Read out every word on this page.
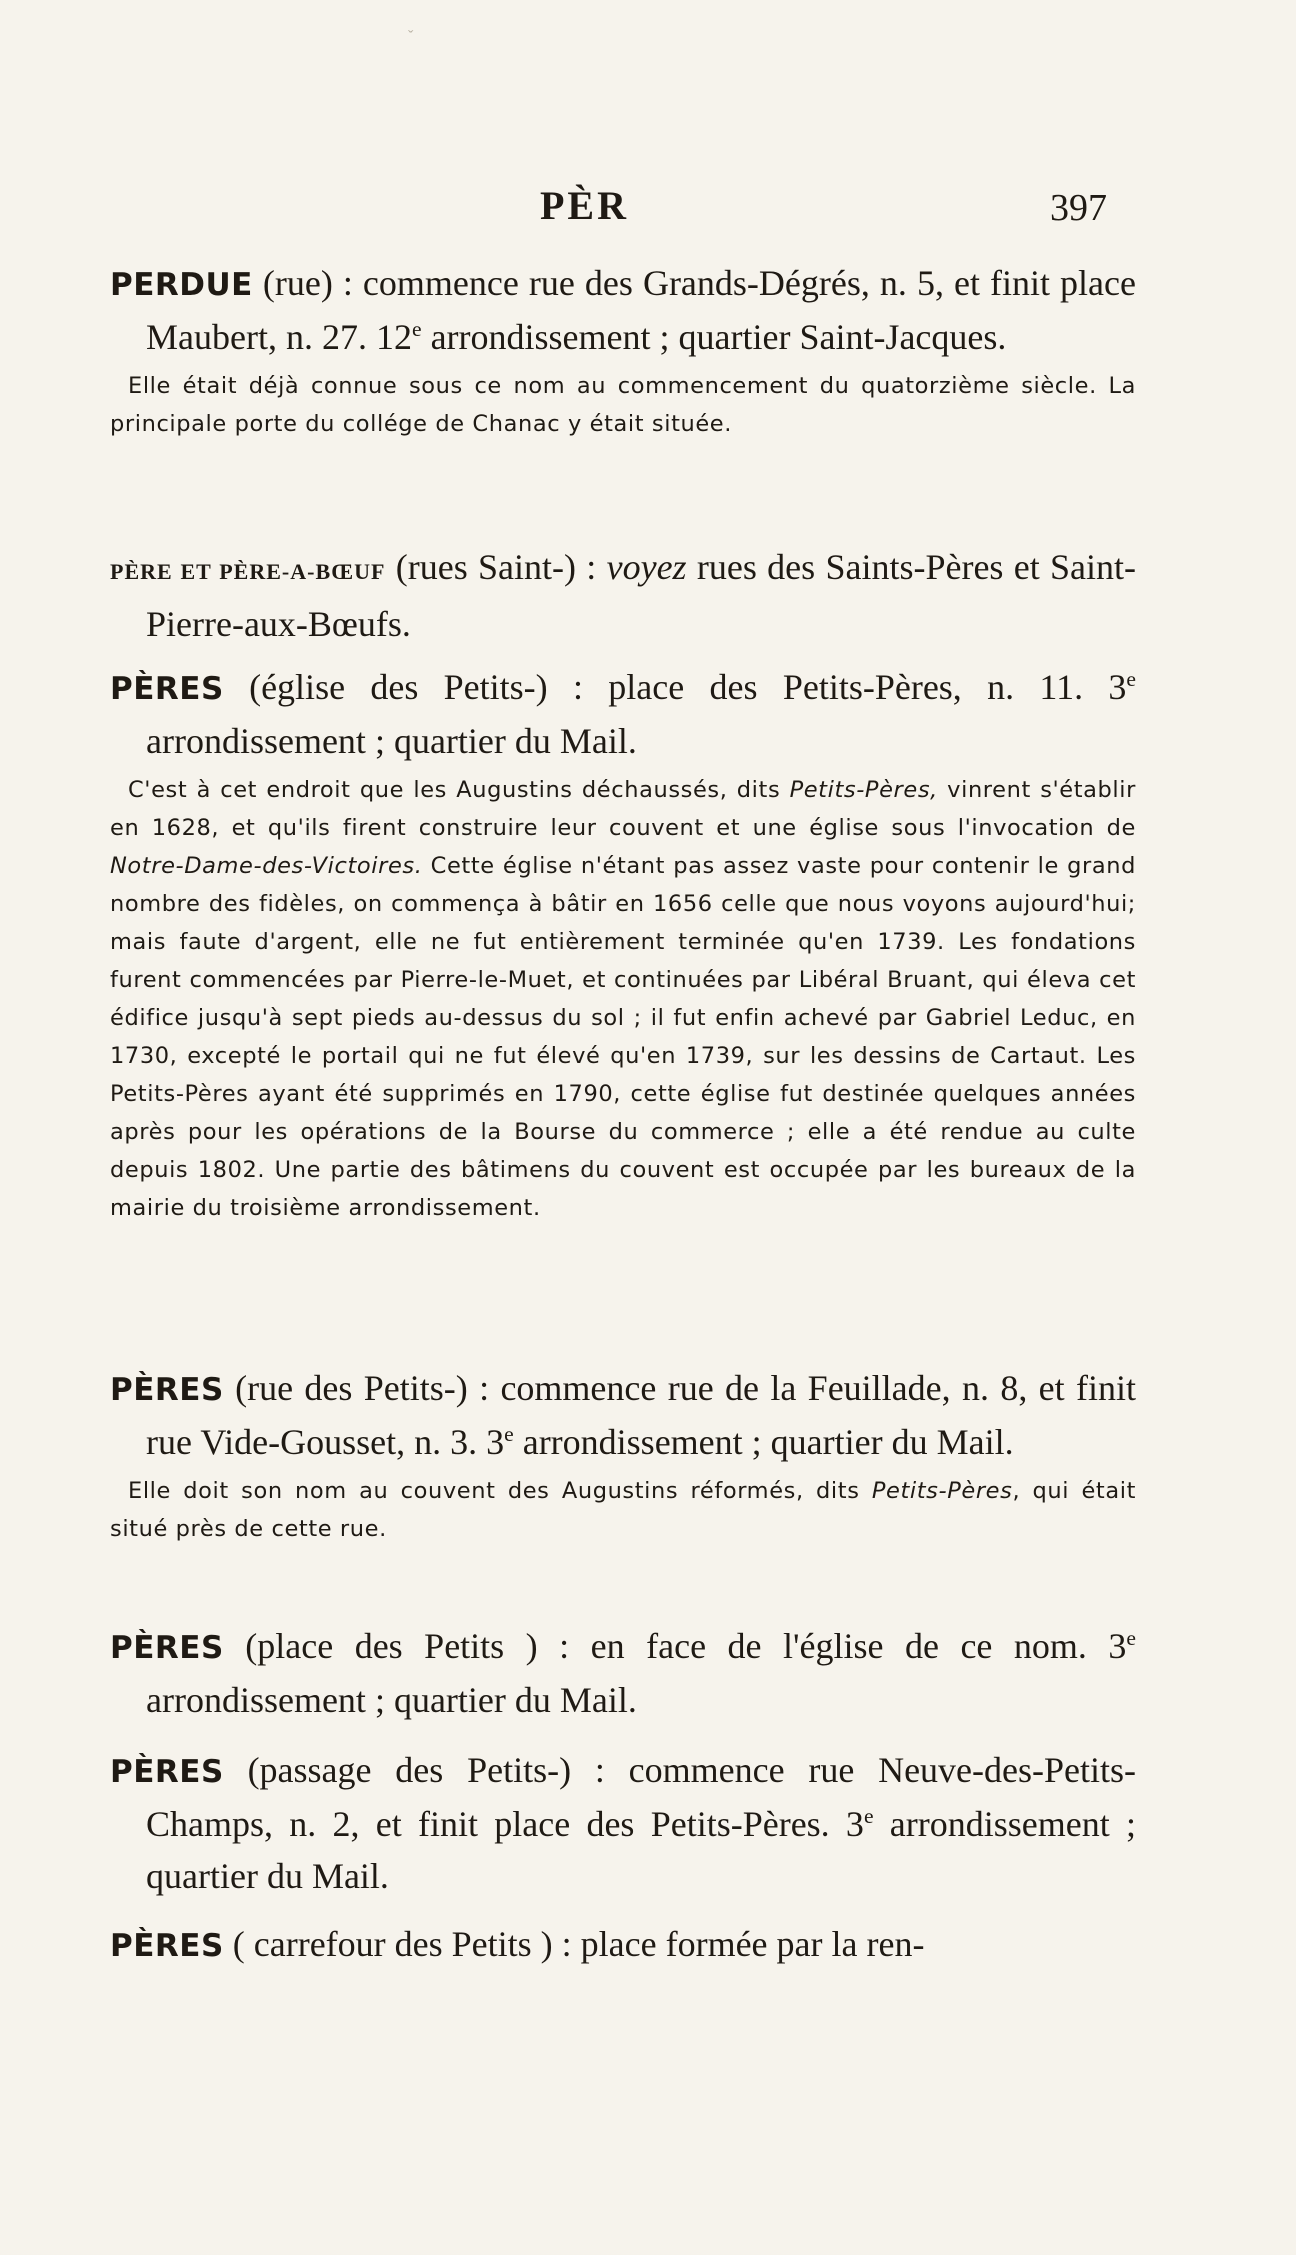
ˇ
PÈR	397

PERDUE (rue) : commence rue des Grands-Dégrés, n. 5, et finit place Maubert, n. 27. 12e arrondissement ; quartier Saint-Jacques.

Elle était déjà connue sous ce nom au commencement du quatorzième siècle. La principale porte du collége de Chanac y était située.

PÈRE ET PÈRE-A-BŒUF (rues Saint-) : voyez rues des Saints-Pères et Saint-Pierre-aux-Bœufs.

PÈRES (église des Petits-) : place des Petits-Pères, n. 11. 3e arrondissement ; quartier du Mail.

C'est à cet endroit que les Augustins déchaussés, dits Petits-Pères, vinrent s'établir en 1628, et qu'ils firent construire leur couvent et une église sous l'invocation de Notre-Dame-des-Victoires. Cette église n'étant pas assez vaste pour contenir le grand nombre des fidèles, on commença à bâtir en 1656 celle que nous voyons aujourd'hui; mais faute d'argent, elle ne fut entièrement terminée qu'en 1739. Les fondations furent commencées par Pierre-le-Muet, et continuées par Libéral Bruant, qui éleva cet édifice jusqu'à sept pieds au-dessus du sol ; il fut enfin achevé par Gabriel Leduc, en 1730, excepté le portail qui ne fut élevé qu'en 1739, sur les dessins de Cartaut. Les Petits-Pères ayant été supprimés en 1790, cette église fut destinée quelques années après pour les opérations de la Bourse du commerce ; elle a été rendue au culte depuis 1802. Une partie des bâtimens du couvent est occupée par les bureaux de la mairie du troisième arrondissement.

PÈRES (rue des Petits-) : commence rue de la Feuillade, n. 8, et finit rue Vide-Gousset, n. 3. 3e arrondissement ; quartier du Mail.

Elle doit son nom au couvent des Augustins réformés, dits Petits-Pères, qui était situé près de cette rue.

PÈRES (place des Petits ) : en face de l'église de ce nom. 3e arrondissement ; quartier du Mail.

PÈRES (passage des Petits-) : commence rue Neuve-des-Petits-Champs, n. 2, et finit place des Petits-Pères. 3e arrondissement ; quartier du Mail.

PÈRES ( carrefour des Petits ) : place formée par la ren-
